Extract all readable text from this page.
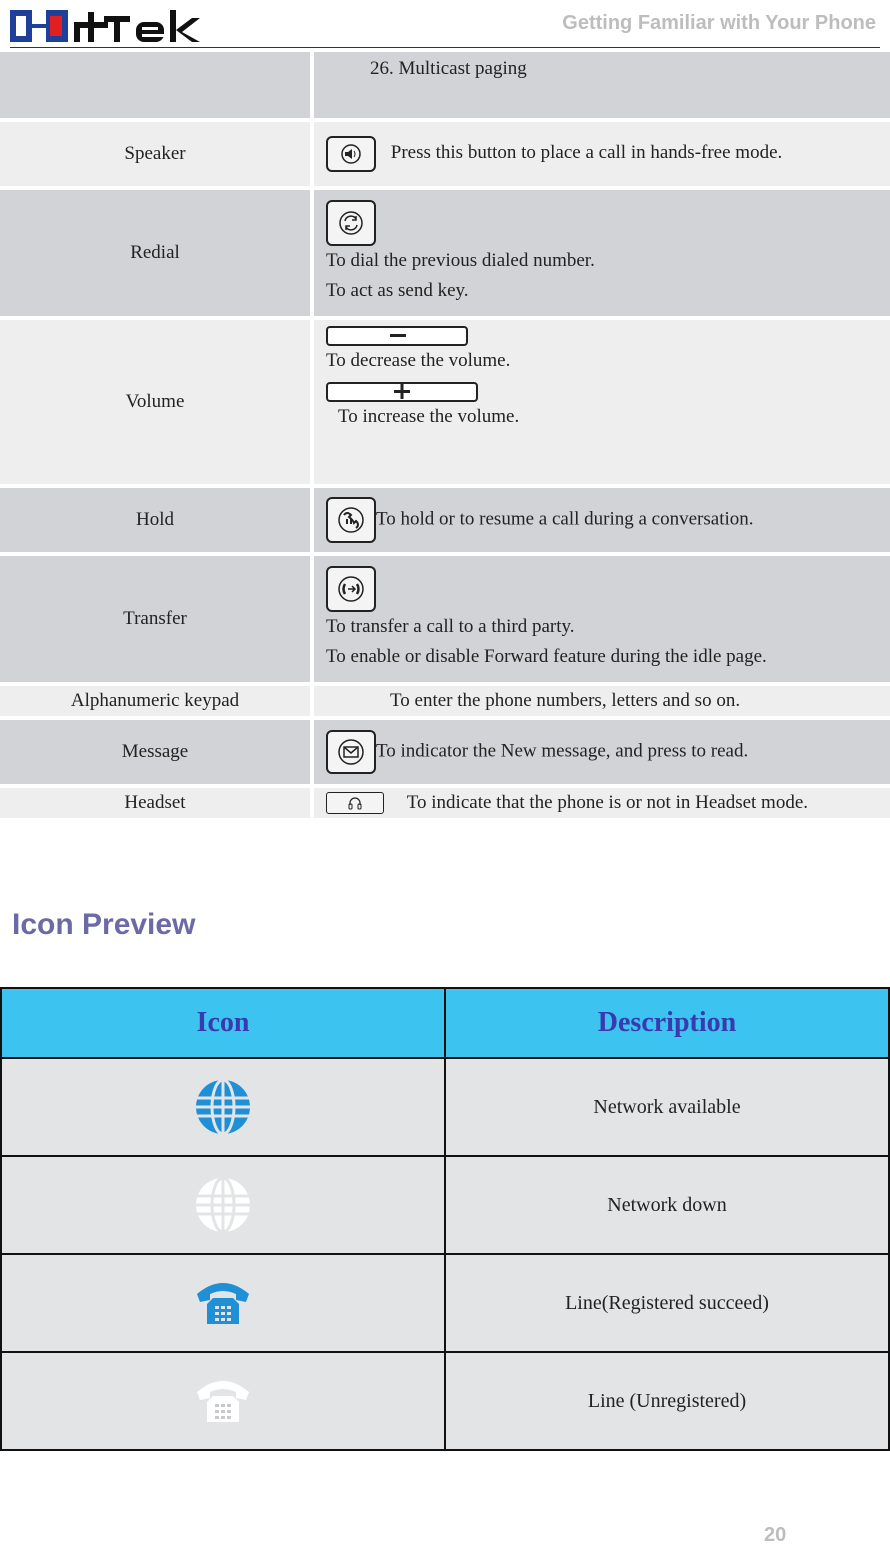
Getting Familiar with Your Phone
	26. Multicast paging
Speaker	Press this button to place a call in hands-free mode.
Redial	To dial the previous dialed number.
To act as send key.

Volume	To decrease the volume.
To increase the volume.

Hold	To hold or to resume a call during a conversation.
Transfer	To transfer a call to a third party.
To enable or disable Forward feature during the idle page.

Alphanumeric keypad	To enter the phone numbers, letters and so on.
Message	To indicator the New message, and press to read.
Headset	To indicate that the phone is or not in Headset mode.
Icon Preview
Icon	Description
	Network available
	Network down
	Line(Registered succeed)
	Line (Unregistered)
20
